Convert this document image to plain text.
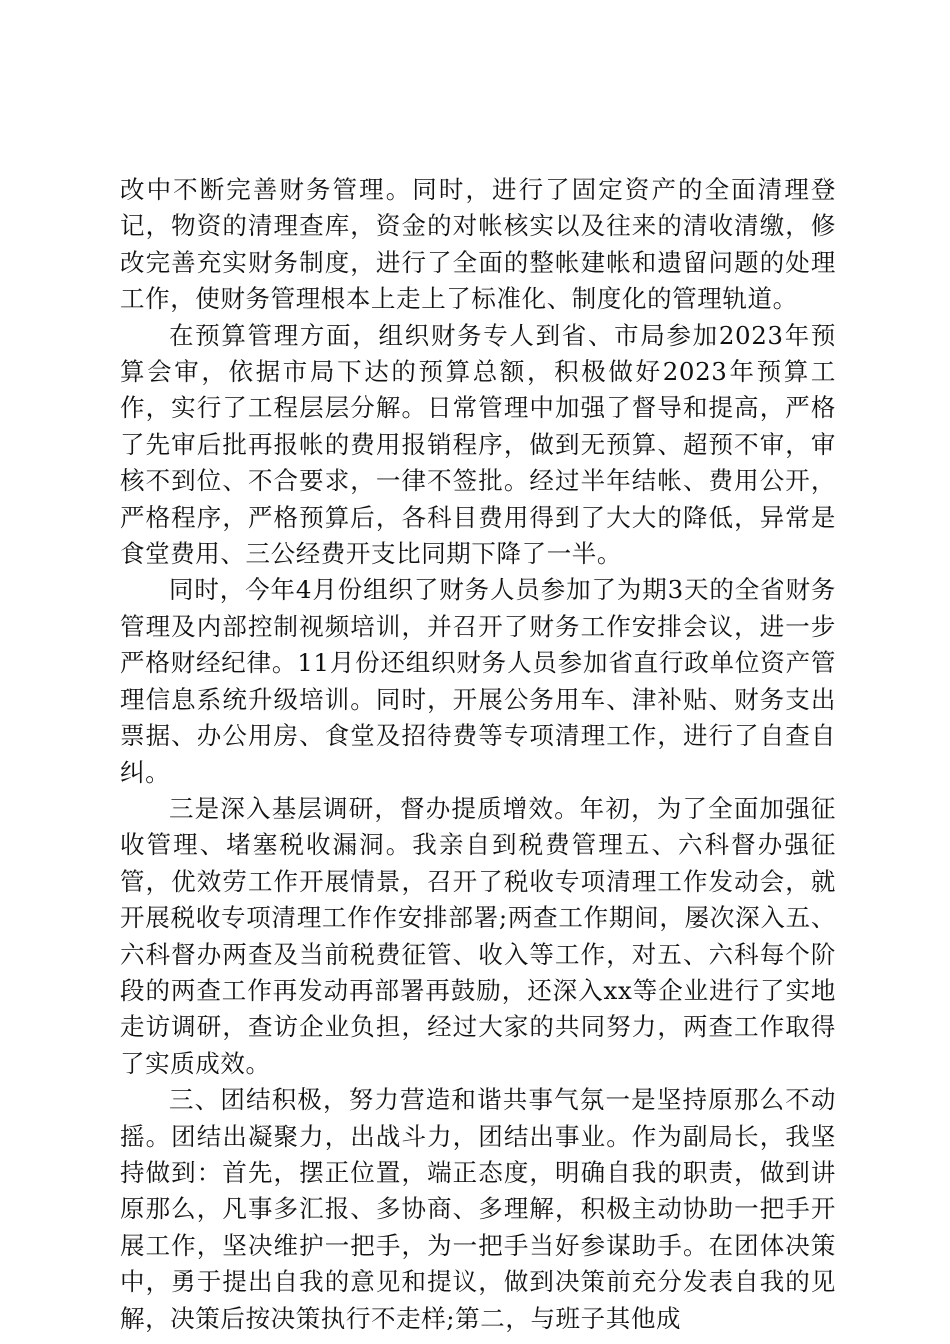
改中不断完善财务管理。同时，进行了固定资产的全面清理登记，物资的清理查库，资金的对帐核实以及往来的清收清缴，修改完善充实财务制度，进行了全面的整帐建帐和遗留问题的处理工作，使财务管理根本上走上了标准化、制度化的管理轨道。

在预算管理方面，组织财务专人到省、市局参加2023年预算会审，依据市局下达的预算总额，积极做好2023年预算工作，实行了工程层层分解。日常管理中加强了督导和提高，严格了先审后批再报帐的费用报销程序，做到无预算、超预不审，审核不到位、不合要求，一律不签批。经过半年结帐、费用公开，严格程序，严格预算后，各科目费用得到了大大的降低，异常是食堂费用、三公经费开支比同期下降了一半。

同时，今年4月份组织了财务人员参加了为期3天的全省财务管理及内部控制视频培训，并召开了财务工作安排会议，进一步严格财经纪律。11月份还组织财务人员参加省直行政单位资产管理信息系统升级培训。同时，开展公务用车、津补贴、财务支出票据、办公用房、食堂及招待费等专项清理工作，进行了自查自纠。

三是深入基层调研，督办提质增效。年初，为了全面加强征收管理、堵塞税收漏洞。我亲自到税费管理五、六科督办强征管，优效劳工作开展情景，召开了税收专项清理工作发动会，就开展税收专项清理工作作安排部署;两查工作期间，屡次深入五、六科督办两查及当前税费征管、收入等工作，对五、六科每个阶段的两查工作再发动再部署再鼓励，还深入xx等企业进行了实地走访调研，查访企业负担，经过大家的共同努力，两查工作取得了实质成效。

三、团结积极，努力营造和谐共事气氛一是坚持原那么不动摇。团结出凝聚力，出战斗力，团结出事业。作为副局长，我坚持做到：首先，摆正位置，端正态度，明确自我的职责，做到讲原那么，凡事多汇报、多协商、多理解，积极主动协助一把手开展工作，坚决维护一把手，为一把手当好参谋助手。在团体决策中，勇于提出自我的意见和提议，做到决策前充分发表自我的见解，决策后按决策执行不走样;第二，与班子其他成
